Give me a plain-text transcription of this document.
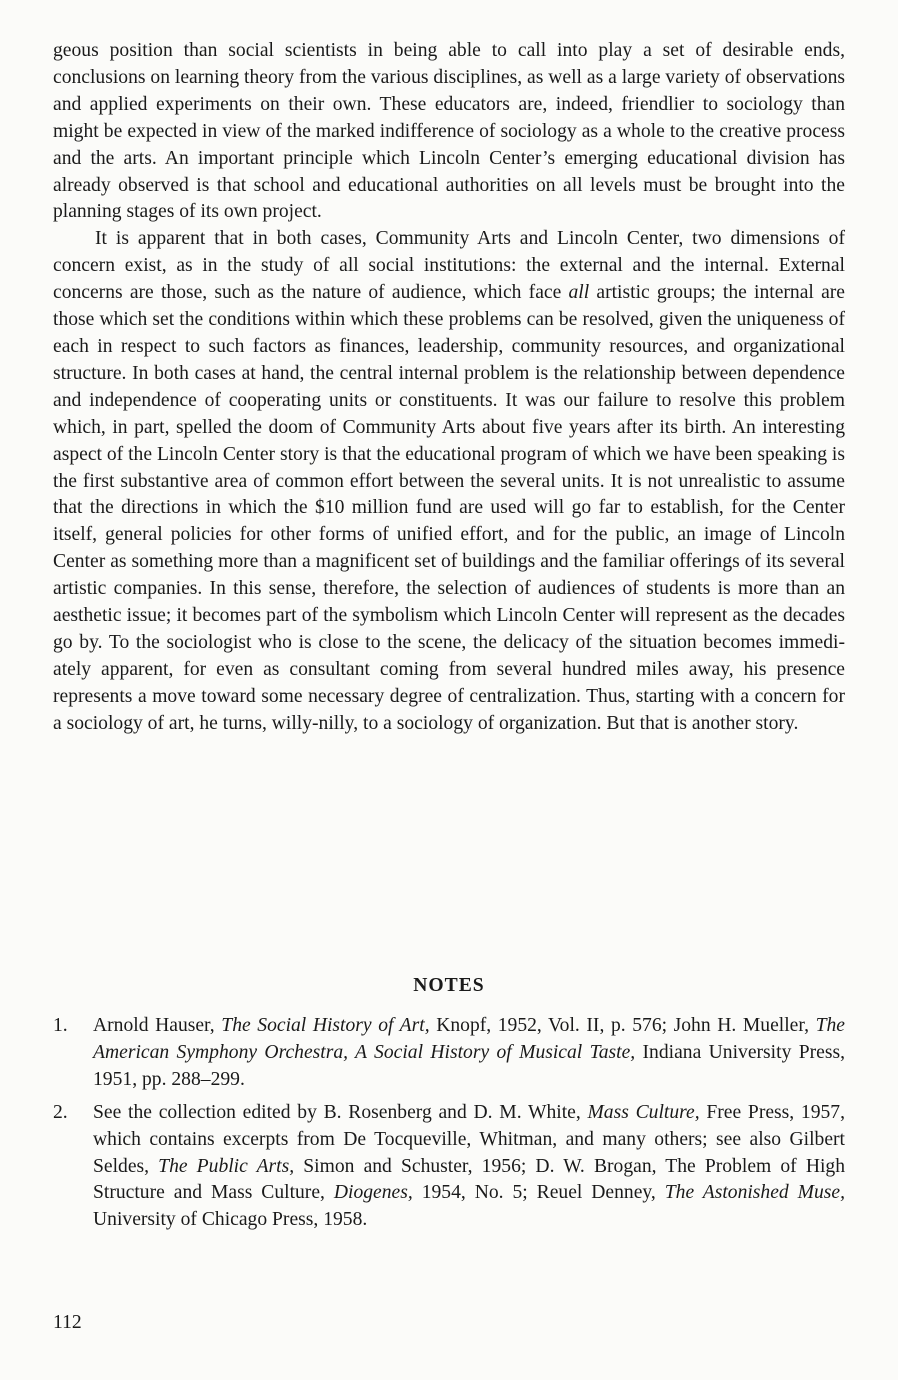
geous position than social scientists in being able to call into play a set of desirable ends, conclusions on learning theory from the various disciplines, as well as a large variety of observations and applied experiments on their own. These educators are, indeed, friendlier to sociology than might be expected in view of the marked indifference of sociology as a whole to the creative process and the arts. An important principle which Lincoln Center’s emerging educational division has already observed is that school and educational authorities on all levels must be brought into the planning stages of its own project.

It is apparent that in both cases, Community Arts and Lincoln Center, two dimensions of concern exist, as in the study of all social institutions: the external and the internal. External concerns are those, such as the nature of audience, which face all artistic groups; the internal are those which set the conditions within which these problems can be resolved, given the uniqueness of each in respect to such factors as finances, leadership, community resources, and organizational structure. In both cases at hand, the central internal problem is the relationship between dependence and independence of cooperating units or constituents. It was our failure to resolve this problem which, in part, spelled the doom of Community Arts about five years after its birth. An interesting aspect of the Lincoln Center story is that the educational program of which we have been speaking is the first substantive area of common effort between the several units. It is not unrealistic to assume that the directions in which the $10 million fund are used will go far to establish, for the Center itself, general policies for other forms of unified effort, and for the public, an image of Lincoln Center as something more than a magnificent set of buildings and the familiar offerings of its several artistic companies. In this sense, therefore, the selection of audiences of students is more than an aesthetic issue; it becomes part of the symbolism which Lincoln Center will represent as the decades go by. To the sociologist who is close to the scene, the delicacy of the situation becomes immediately apparent, for even as consultant coming from several hundred miles away, his presence represents a move toward some necessary degree of centralization. Thus, starting with a concern for a sociology of art, he turns, willy-nilly, to a sociology of organization. But that is another story.

NOTES
1. Arnold Hauser, The Social History of Art, Knopf, 1952, Vol. II, p. 576; John H. Mueller, The American Symphony Orchestra, A Social History of Musical Taste, Indiana University Press, 1951, pp. 288–299.
2. See the collection edited by B. Rosenberg and D. M. White, Mass Culture, Free Press, 1957, which contains excerpts from De Tocqueville, Whitman, and many others; see also Gilbert Seldes, The Public Arts, Simon and Schuster, 1956; D. W. Brogan, The Problem of High Structure and Mass Culture, Diogenes, 1954, No. 5; Reuel Denney, The Astonished Muse, University of Chicago Press, 1958.

112
